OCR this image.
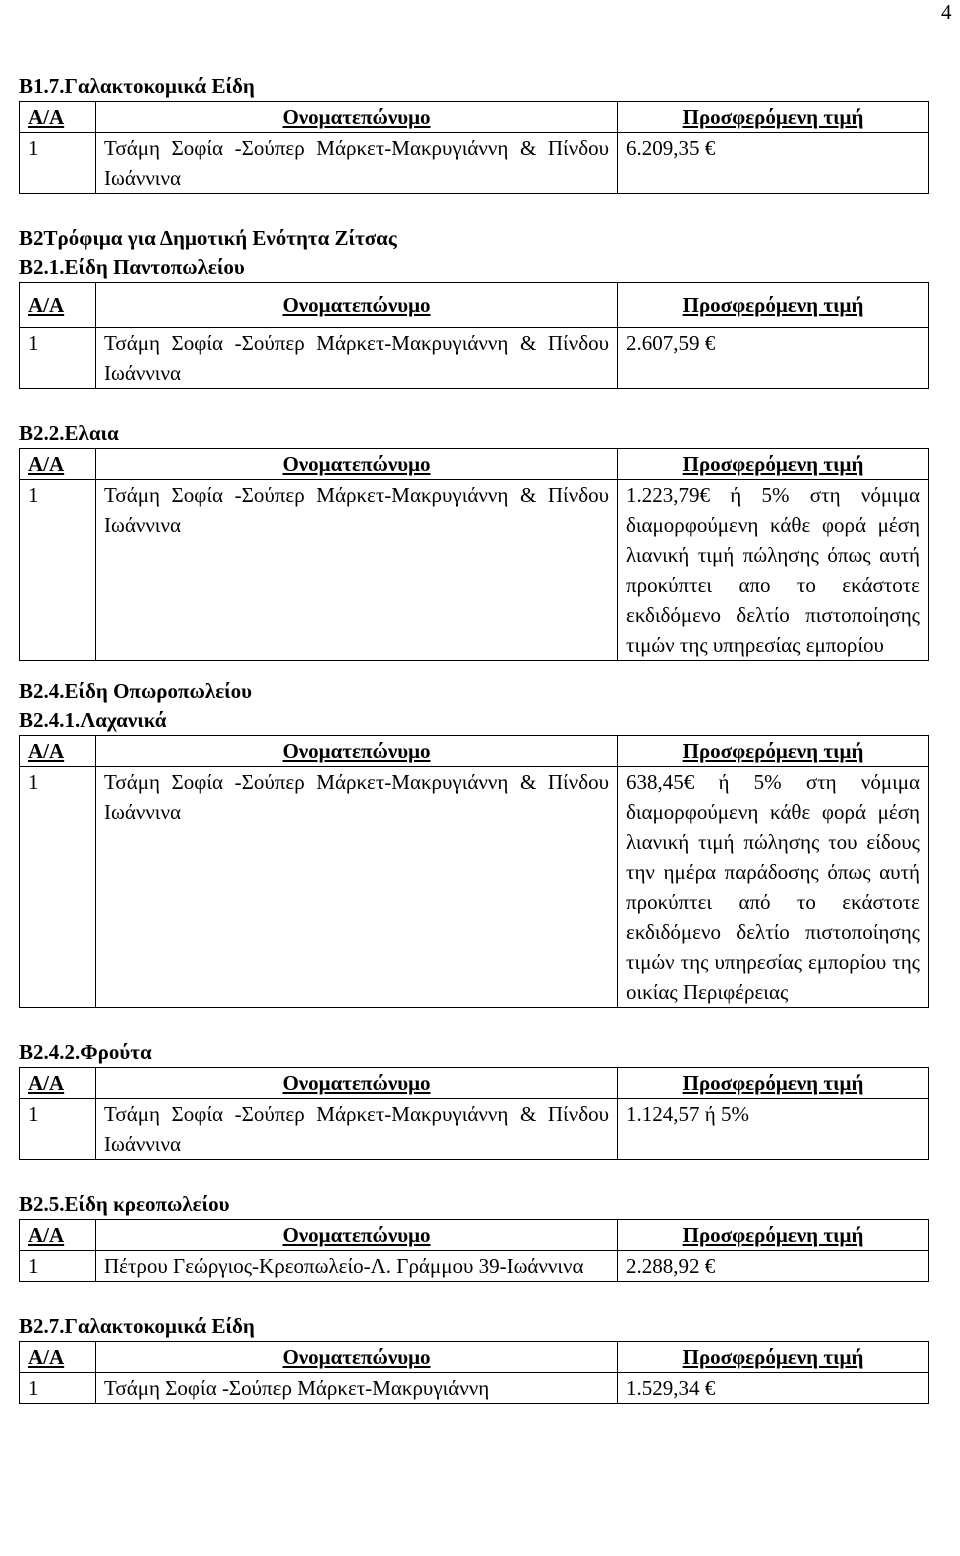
4
Β1.7.Γαλακτοκομικά Είδη
Α/Α	Ονοματεπώνυμο	Προσφερόμενη τιμή
1	Τσάμη Σοφία -Σούπερ Μάρκετ-Μακρυγιάννη & Πίνδου Ιωάννινα	6.209,35 €
Β2Τρόφιμα για Δημοτική Ενότητα Ζίτσας
Β2.1.Είδη Παντοπωλείου
Α/Α	Ονοματεπώνυμο	Προσφερόμενη τιμή
1	Τσάμη Σοφία -Σούπερ Μάρκετ-Μακρυγιάννη & Πίνδου Ιωάννινα	2.607,59 €
Β2.2.Ελαια
Α/Α	Ονοματεπώνυμο	Προσφερόμενη τιμή
1	Τσάμη Σοφία -Σούπερ Μάρκετ-Μακρυγιάννη & Πίνδου Ιωάννινα	1.223,79€ ή 5% στη νόμιμα διαμορφούμενη κάθε φορά μέση λιανική τιμή πώλησης όπως αυτή προκύπτει απο το εκάστοτε εκδιδόμενο δελτίο πιστοποίησης τιμών της υπηρεσίας εμπορίου
Β2.4.Είδη Οπωροπωλείου
Β2.4.1.Λαχανικά
Α/Α	Ονοματεπώνυμο	Προσφερόμενη τιμή
1	Τσάμη Σοφία -Σούπερ Μάρκετ-Μακρυγιάννη & Πίνδου Ιωάννινα	638,45€ ή 5% στη νόμιμα διαμορφούμενη κάθε φορά μέση λιανική τιμή πώλησης του είδους την ημέρα παράδοσης όπως αυτή προκύπτει από το εκάστοτε εκδιδόμενο δελτίο πιστοποίησης τιμών της υπηρεσίας εμπορίου της οικίας Περιφέρειας
Β2.4.2.Φρούτα
Α/Α	Ονοματεπώνυμο	Προσφερόμενη τιμή
1	Τσάμη Σοφία -Σούπερ Μάρκετ-Μακρυγιάννη & Πίνδου Ιωάννινα	1.124,57 ή 5%
Β2.5.Είδη κρεοπωλείου
Α/Α	Ονοματεπώνυμο	Προσφερόμενη τιμή
1	Πέτρου Γεώργιος-Κρεοπωλείο-Λ. Γράμμου 39-Ιωάννινα	2.288,92 €
Β2.7.Γαλακτοκομικά Είδη
Α/Α	Ονοματεπώνυμο	Προσφερόμενη τιμή
1	Τσάμη Σοφία -Σούπερ Μάρκετ-Μακρυγιάννη	1.529,34 €
